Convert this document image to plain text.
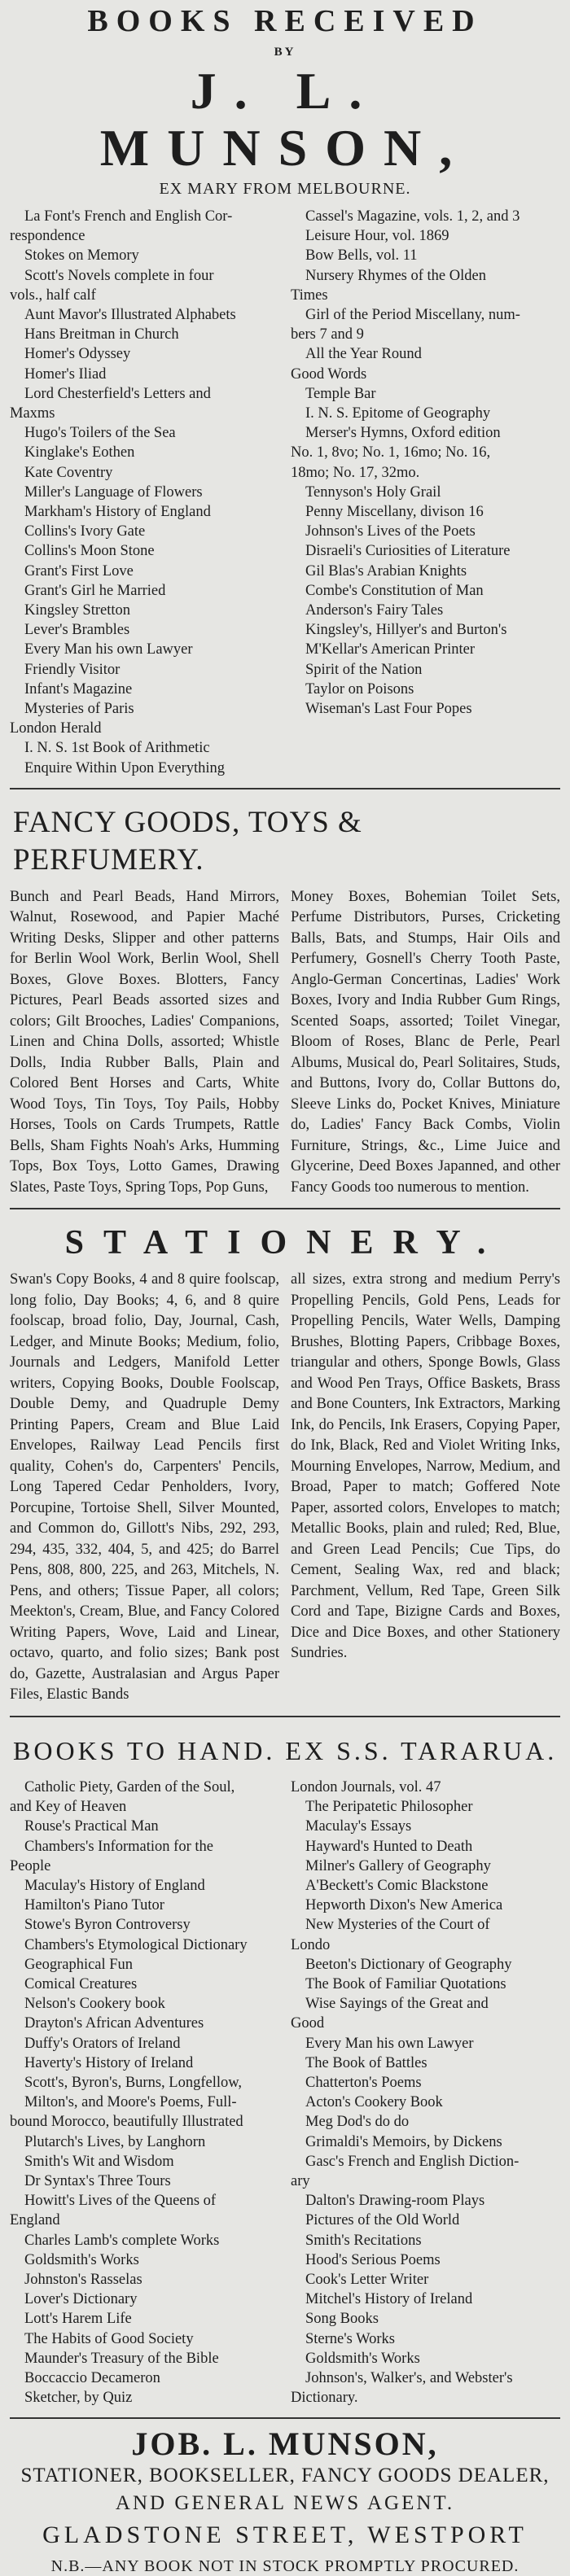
BOOKS RECEIVED
BY
J. L. MUNSON,
EX MARY FROM MELBOURNE.
La Font's French and English Cor-
respondence
Stokes on Memory
Scott's Novels complete in four
vols., half calf
Aunt Mavor's Illustrated Alphabets
Hans Breitman in Church
Homer's Odyssey
Homer's Iliad
Lord Chesterfield's Letters and
Maxms
Hugo's Toilers of the Sea
Kinglake's Eothen
Kate Coventry
Miller's Language of Flowers
Markham's History of England
Collins's Ivory Gate
Collins's Moon Stone
Grant's First Love
Grant's Girl he Married
Kingsley Stretton
Lever's Brambles
Every Man his own Lawyer
Friendly Visitor
Infant's Magazine
Mysteries of Paris
London Herald
I. N. S. 1st Book of Arithmetic
Enquire Within Upon Everything
Cassel's Magazine, vols. 1, 2, and 3
Leisure Hour, vol. 1869
Bow Bells, vol. 11
Nursery Rhymes of the Olden
Times
Girl of the Period Miscellany, num-
bers 7 and 9
All the Year Round
Good Words
Temple Bar
I. N. S. Epitome of Geography
Merser's Hymns, Oxford edition
No. 1, 8vo; No. 1, 16mo; No. 16,
18mo; No. 17, 32mo.
Tennyson's Holy Grail
Penny Miscellany, divison 16
Johnson's Lives of the Poets
Disraeli's Curiosities of Literature
Gil Blas's Arabian Knights
Combe's Constitution of Man
Anderson's Fairy Tales
Kingsley's, Hillyer's and Burton's
M'Kellar's American Printer
Spirit of the Nation
Taylor on Poisons
Wiseman's Last Four Popes
FANCY GOODS, TOYS & PERFUMERY.

Bunch and Pearl Beads, Hand Mirrors, Walnut, Rosewood, and Papier Maché Writing Desks, Slipper and other patterns for Berlin Wool Work, Berlin Wool, Shell Boxes, Glove Boxes. Blotters, Fancy Pictures, Pearl Beads assorted sizes and colors; Gilt Brooches, Ladies' Companions, Linen and China Dolls, assorted; Whistle Dolls, India Rubber Balls, Plain and Colored Bent Horses and Carts, White Wood Toys, Tin Toys, Toy Pails, Hobby Horses, Tools on Cards Trumpets, Rattle Bells, Sham Fights Noah's Arks, Humming Tops, Box Toys, Lotto Games, Drawing Slates, Paste Toys, Spring Tops, Pop Guns,

Money Boxes, Bohemian Toilet Sets, Perfume Distributors, Purses, Cricketing Balls, Bats, and Stumps, Hair Oils and Perfumery, Gosnell's Cherry Tooth Paste, Anglo-German Concertinas, Ladies' Work Boxes, Ivory and India Rubber Gum Rings, Scented Soaps, assorted; Toilet Vinegar, Bloom of Roses, Blanc de Perle, Pearl Albums, Musical do, Pearl Solitaires, Studs, and Buttons, Ivory do, Collar Buttons do, Sleeve Links do, Pocket Knives, Miniature do, Ladies' Fancy Back Combs, Violin Furniture, Strings, &c., Lime Juice and Glycerine, Deed Boxes Japanned, and other Fancy Goods too numerous to mention.

STATIONERY.

Swan's Copy Books, 4 and 8 quire foolscap, long folio, Day Books; 4, 6, and 8 quire foolscap, broad folio, Day, Journal, Cash, Ledger, and Minute Books; Medium, folio, Journals and Ledgers, Manifold Letter writers, Copying Books, Double Foolscap, Double Demy, and Quadruple Demy Printing Papers, Cream and Blue Laid Envelopes, Railway Lead Pencils first quality, Cohen's do, Carpenters' Pencils, Long Tapered Cedar Penholders, Ivory, Porcupine, Tortoise Shell, Silver Mounted, and Common do, Gillott's Nibs, 292, 293, 294, 435, 332, 404, 5, and 425; do Barrel Pens, 808, 800, 225, and 263, Mitchels, N. Pens, and others; Tissue Paper, all colors; Meekton's, Cream, Blue, and Fancy Colored Writing Papers, Wove, Laid and Linear, octavo, quarto, and folio sizes; Bank post do, Gazette, Australasian and Argus Paper Files, Elastic Bands

all sizes, extra strong and medium Perry's Propelling Pencils, Gold Pens, Leads for Propelling Pencils, Water Wells, Damping Brushes, Blotting Papers, Cribbage Boxes, triangular and others, Sponge Bowls, Glass and Wood Pen Trays, Office Baskets, Brass and Bone Counters, Ink Extractors, Marking Ink, do Pencils, Ink Erasers, Copying Paper, do Ink, Black, Red and Violet Writing Inks, Mourning Envelopes, Narrow, Medium, and Broad, Paper to match; Goffered Note Paper, assorted colors, Envelopes to match; Metallic Books, plain and ruled; Red, Blue, and Green Lead Pencils; Cue Tips, do Cement, Sealing Wax, red and black; Parchment, Vellum, Red Tape, Green Silk Cord and Tape, Bizigne Cards and Boxes, Dice and Dice Boxes, and other Stationery Sundries.

BOOKS TO HAND. EX S.S. TARARUA.
Catholic Piety, Garden of the Soul,
and Key of Heaven
Rouse's Practical Man
Chambers's Information for the
People
Maculay's History of England
Hamilton's Piano Tutor
Stowe's Byron Controversy
Chambers's Etymological Dictionary
Geographical Fun
Comical Creatures
Nelson's Cookery book
Drayton's African Adventures
Duffy's Orators of Ireland
Haverty's History of Ireland
Scott's, Byron's, Burns, Longfellow,
Milton's, and Moore's Poems, Full-
bound Morocco, beautifully Illustrated
Plutarch's Lives, by Langhorn
Smith's Wit and Wisdom
Dr Syntax's Three Tours
Howitt's Lives of the Queens of
England
Charles Lamb's complete Works
Goldsmith's Works
Johnston's Rasselas
Lover's Dictionary
Lott's Harem Life
The Habits of Good Society
Maunder's Treasury of the Bible
Boccaccio Decameron
Sketcher, by Quiz
London Journals, vol. 47
The Peripatetic Philosopher
Maculay's Essays
Hayward's Hunted to Death
Milner's Gallery of Geography
A'Beckett's Comic Blackstone
Hepworth Dixon's New America
New Mysteries of the Court of
Londo
Beeton's Dictionary of Geography
The Book of Familiar Quotations
Wise Sayings of the Great and
Good
Every Man his own Lawyer
The Book of Battles
Chatterton's Poems
Acton's Cookery Book
Meg Dod's do do
Grimaldi's Memoirs, by Dickens
Gasc's French and English Diction-
ary
Dalton's Drawing-room Plays
Pictures of the Old World
Smith's Recitations
Hood's Serious Poems
Cook's Letter Writer
Mitchel's History of Ireland
Song Books
Sterne's Works
Goldsmith's Works
Johnson's, Walker's, and Webster's
Dictionary.
JOB. L. MUNSON,
STATIONER, BOOKSELLER, FANCY GOODS DEALER,
AND GENERAL NEWS AGENT.
GLADSTONE STREET, WESTPORT
N.B.—ANY BOOK NOT IN STOCK PROMPTLY PROCURED.
